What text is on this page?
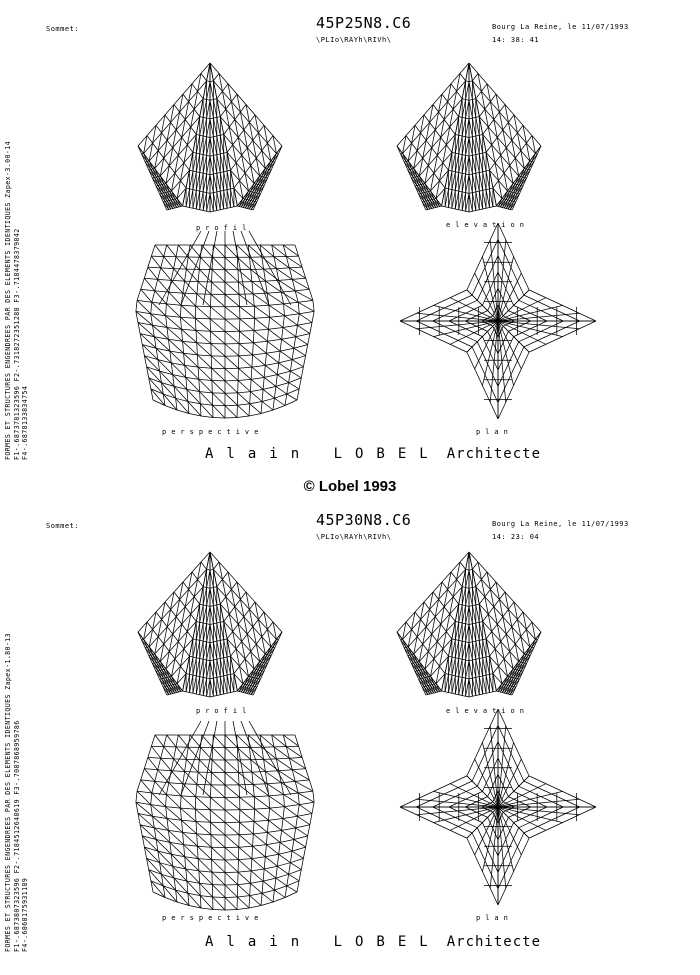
Sommet:	45P25N8.C6
\PLIo\RAYh\RIVh\
Bourg La Reine, le 11/07/1993
14: 38: 41
profil	elevation
perspective	plan
Alain LOBEL Architecte
FORMES ET STRUCTURES ENGENDREES PAR DES ELEMENTS IDENTIQUES Zapex-3.00-14 F1-.6873781323596 F2-.7318272351288 F3-.7184478379842 F4-.6878133834754
© Lobel 1993
Sommet:	45P30N8.C6
\PLIo\RAYh\RIVh\
Bourg La Reine, le 11/07/1993
14: 23: 04
profil	elevation
perspective	plan
Alain LOBEL Architecte
FORMES ET STRUCTURES ENGENDREES PAR DES ELEMENTS IDENTIQUES Zapex-1.80-13 F1-.6873807323596 F2-.7184512648619 F3-.7087868959786 F4-.6868175931189
